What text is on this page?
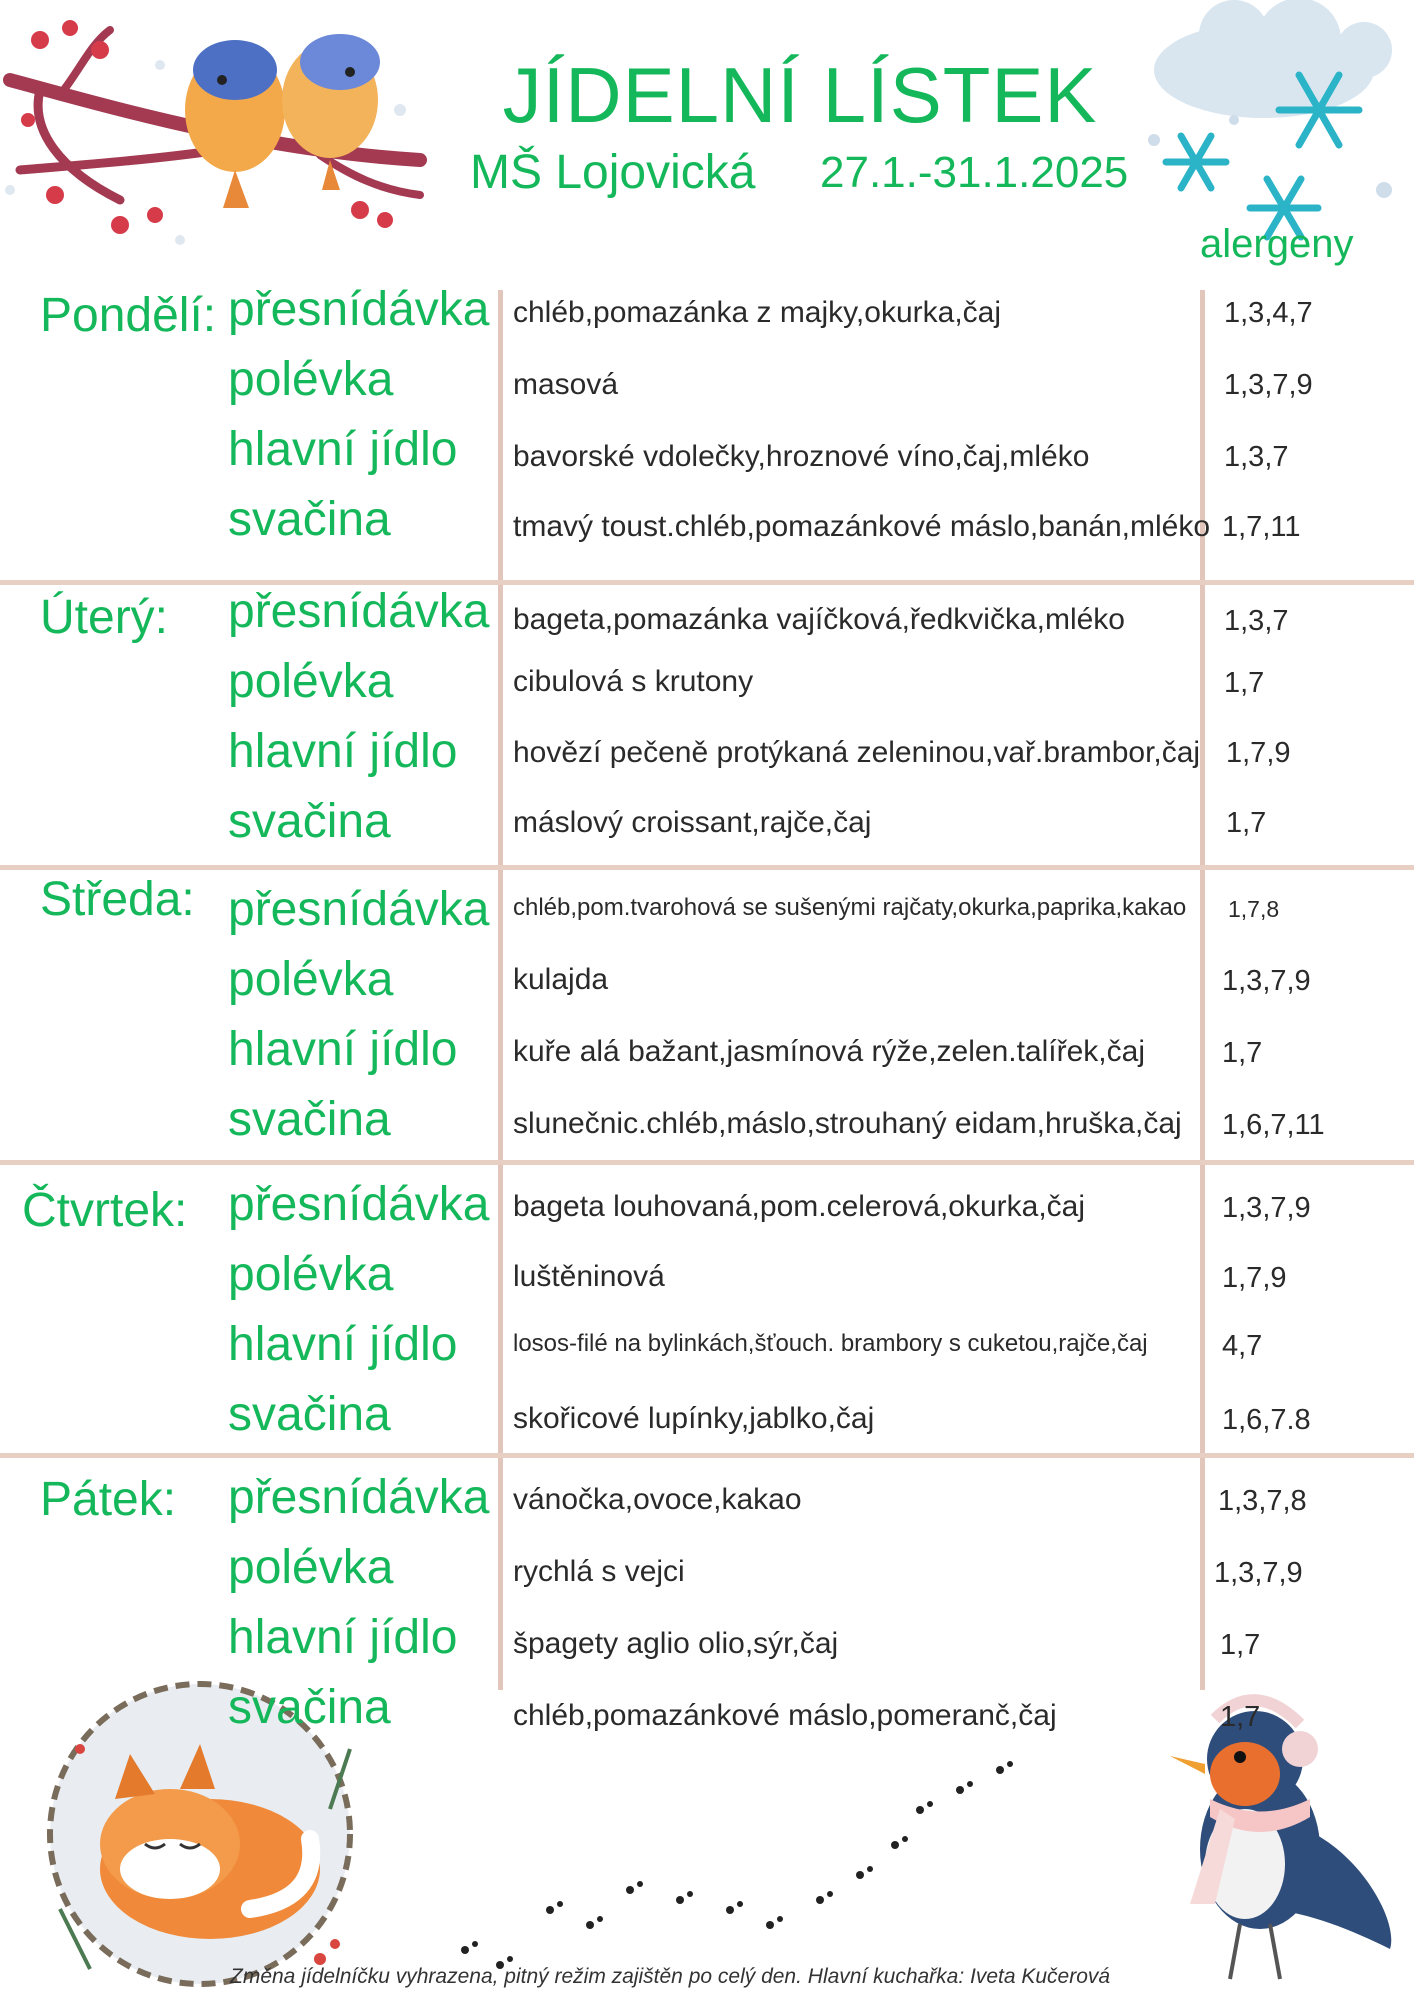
JÍDELNÍ LÍSTEK
MŠ Lojovická 27.1.-31.1.2025
alergeny
Pondělí: přesnídávka
polévka
hlavní jídlo
svačina
chléb,pomazánka z majky,okurka,čaj
masová
bavorské vdolečky,hroznové víno,čaj,mléko
tmavý toust.chléb,pomazánkové máslo,banán,mléko
1,3,4,7
1,3,7,9
1,3,7
1,7,11
Úterý: přesnídávka
polévka
hlavní jídlo
svačina
bageta,pomazánka vajíčková,ředkvička,mléko
cibulová s krutony
hovězí pečeně protýkaná zeleninou,vař.brambor,čaj
máslový croissant,rajče,čaj
1,3,7
1,7
1,7,9
1,7
Středa: přesnídávka
polévka
hlavní jídlo
svačina
chléb,pom.tvarohová se sušenými rajčaty,okurka,paprika,kakao
kulajda
kuře alá bažant,jasmínová rýže,zelen.talířek,čaj
slunečnic.chléb,máslo,strouhaný eidam,hruška,čaj
1,7,8
1,3,7,9
1,7
1,6,7,11
Čtvrtek: přesnídávka
polévka
hlavní jídlo
svačina
bageta louhovaná,pom.celerová,okurka,čaj
luštěninová
losos-filé na bylinkách,šťouch. brambory s cuketou,rajče,čaj
skořicové lupínky,jablko,čaj
1,3,7,9
1,7,9
4,7
1,6,7.8
Pátek: přesnídávka
polévka
hlavní jídlo
svačina
vánočka,ovoce,kakao
rychlá s vejci
špagety aglio olio,sýr,čaj
chléb,pomazánkové máslo,pomeranč,čaj
1,3,7,8
1,3,7,9
1,7
1,7
Změna jídelníčku vyhrazena, pitný režim zajištěn po celý den. Hlavní kuchařka: Iveta Kučerová
